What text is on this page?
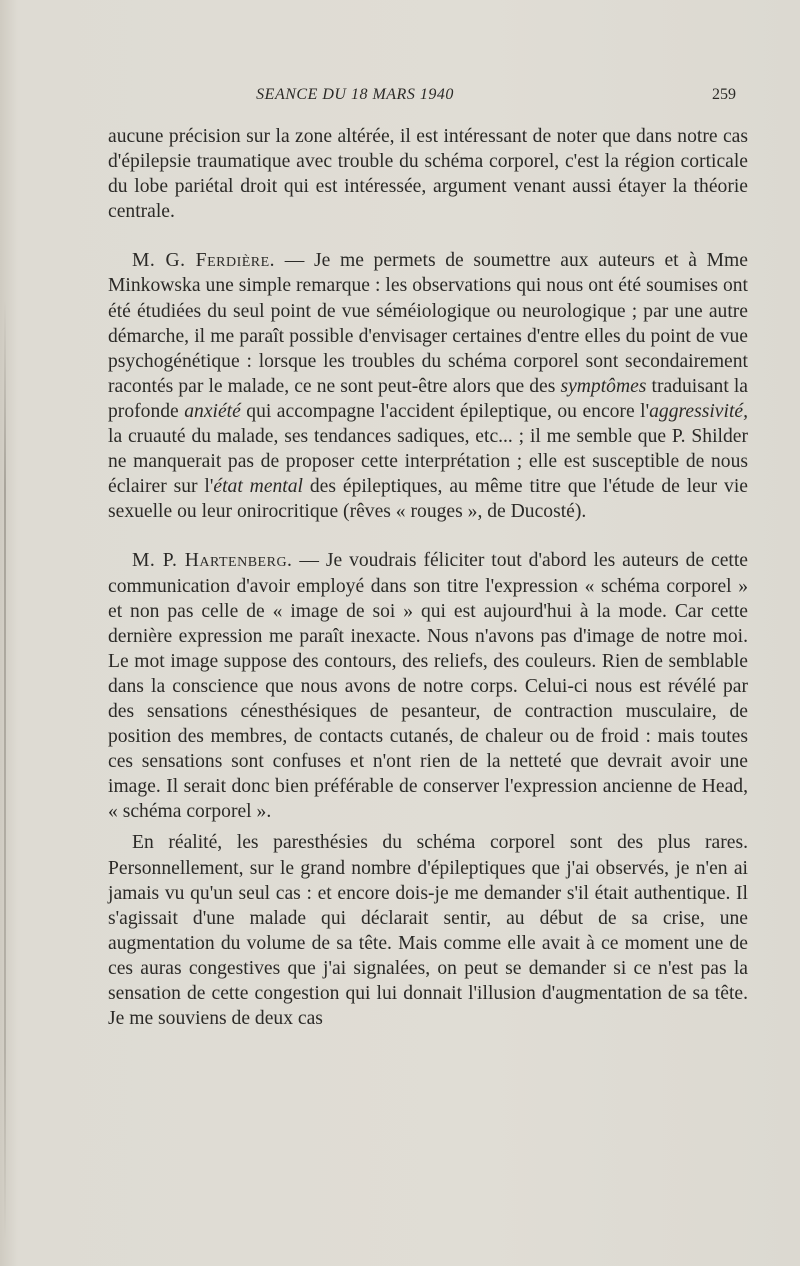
SEANCE DU 18 MARS 1940	259

aucune précision sur la zone altérée, il est intéressant de noter que dans notre cas d'épilepsie traumatique avec trouble du schéma corporel, c'est la région corticale du lobe pariétal droit qui est intéressée, argument venant aussi étayer la théorie centrale.

M. G. Ferdière. — Je me permets de soumettre aux auteurs et à Mme Minkowska une simple remarque : les observations qui nous ont été soumises ont été étudiées du seul point de vue séméiologique ou neurologique ; par une autre démarche, il me paraît possible d'envisager certaines d'entre elles du point de vue psychogénétique : lorsque les troubles du schéma corporel sont secondairement racontés par le malade, ce ne sont peut-être alors que des symptômes traduisant la profonde anxiété qui accompagne l'accident épileptique, ou encore l'aggressivité, la cruauté du malade, ses tendances sadiques, etc... ; il me semble que P. Shilder ne manquerait pas de proposer cette interprétation ; elle est susceptible de nous éclairer sur l'état mental des épileptiques, au même titre que l'étude de leur vie sexuelle ou leur onirocritique (rêves « rouges », de Ducosté).

M. P. Hartenberg. — Je voudrais féliciter tout d'abord les auteurs de cette communication d'avoir employé dans son titre l'expression « schéma corporel » et non pas celle de « image de soi » qui est aujourd'hui à la mode. Car cette dernière expression me paraît inexacte. Nous n'avons pas d'image de notre moi. Le mot image suppose des contours, des reliefs, des couleurs. Rien de semblable dans la conscience que nous avons de notre corps. Celui-ci nous est révélé par des sensations cénesthésiques de pesanteur, de contraction musculaire, de position des membres, de contacts cutanés, de chaleur ou de froid : mais toutes ces sensations sont confuses et n'ont rien de la netteté que devrait avoir une image. Il serait donc bien préférable de conserver l'expression ancienne de Head, « schéma corporel ».

En réalité, les paresthésies du schéma corporel sont des plus rares. Personnellement, sur le grand nombre d'épileptiques que j'ai observés, je n'en ai jamais vu qu'un seul cas : et encore dois-je me demander s'il était authentique. Il s'agissait d'une malade qui déclarait sentir, au début de sa crise, une augmentation du volume de sa tête. Mais comme elle avait à ce moment une de ces auras congestives que j'ai signalées, on peut se demander si ce n'est pas la sensation de cette congestion qui lui donnait l'illusion d'augmentation de sa tête. Je me souviens de deux cas
